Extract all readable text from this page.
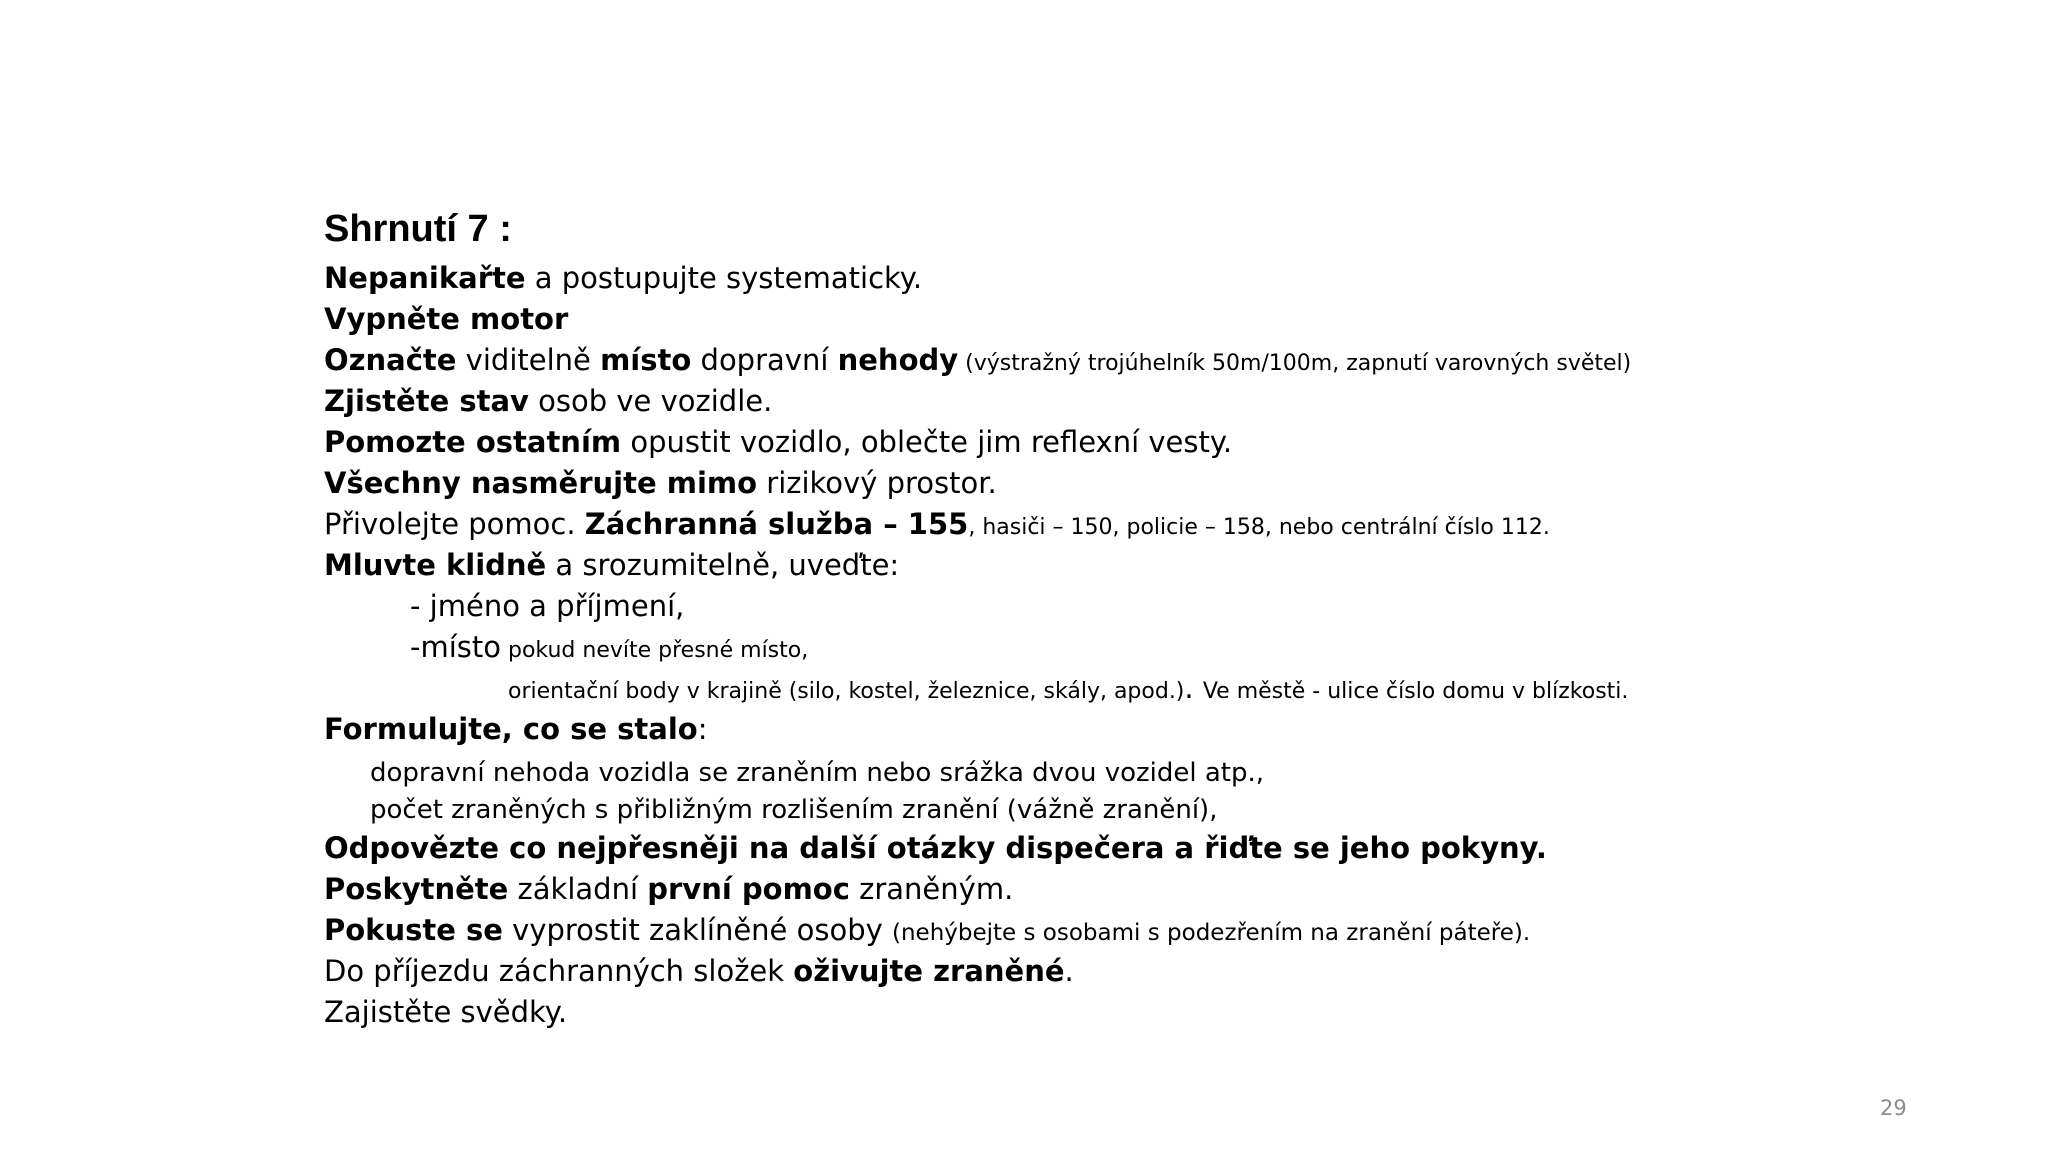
Shrnutí 7 :
Nepanikařte a postupujte systematicky.
Vypněte motor
Označte viditelně místo dopravní nehody (výstražný trojúhelník 50m/100m, zapnutí varovných světel)
Zjistěte stav osob ve vozidle.
Pomozte ostatním opustit vozidlo, oblečte jim reflexní vesty.
Všechny nasměrujte mimo rizikový prostor.
Přivolejte pomoc. Záchranná služba – 155, hasiči – 150, policie – 158, nebo centrální číslo 112.
Mluvte klidně a srozumitelně, uveďte:
- jméno a příjmení,
-místo pokud nevíte přesné místo,
orientační body v krajině (silo, kostel, železnice, skály, apod.). Ve městě - ulice číslo domu v blízkosti.
Formulujte, co se stalo:
dopravní nehoda vozidla se zraněním nebo srážka dvou vozidel atp.,
počet zraněných s přibližným rozlišením zranění (vážně zranění),
Odpovězte co nejpřesněji na další otázky dispečera a řiďte se jeho pokyny.
Poskytněte základní první pomoc zraněným.
Pokuste se vyprostit zaklíněné osoby (nehýbejte s osobami s podezřením na zranění páteře).
Do příjezdu záchranných složek oživujte zraněné.
Zajistěte svědky.
29
